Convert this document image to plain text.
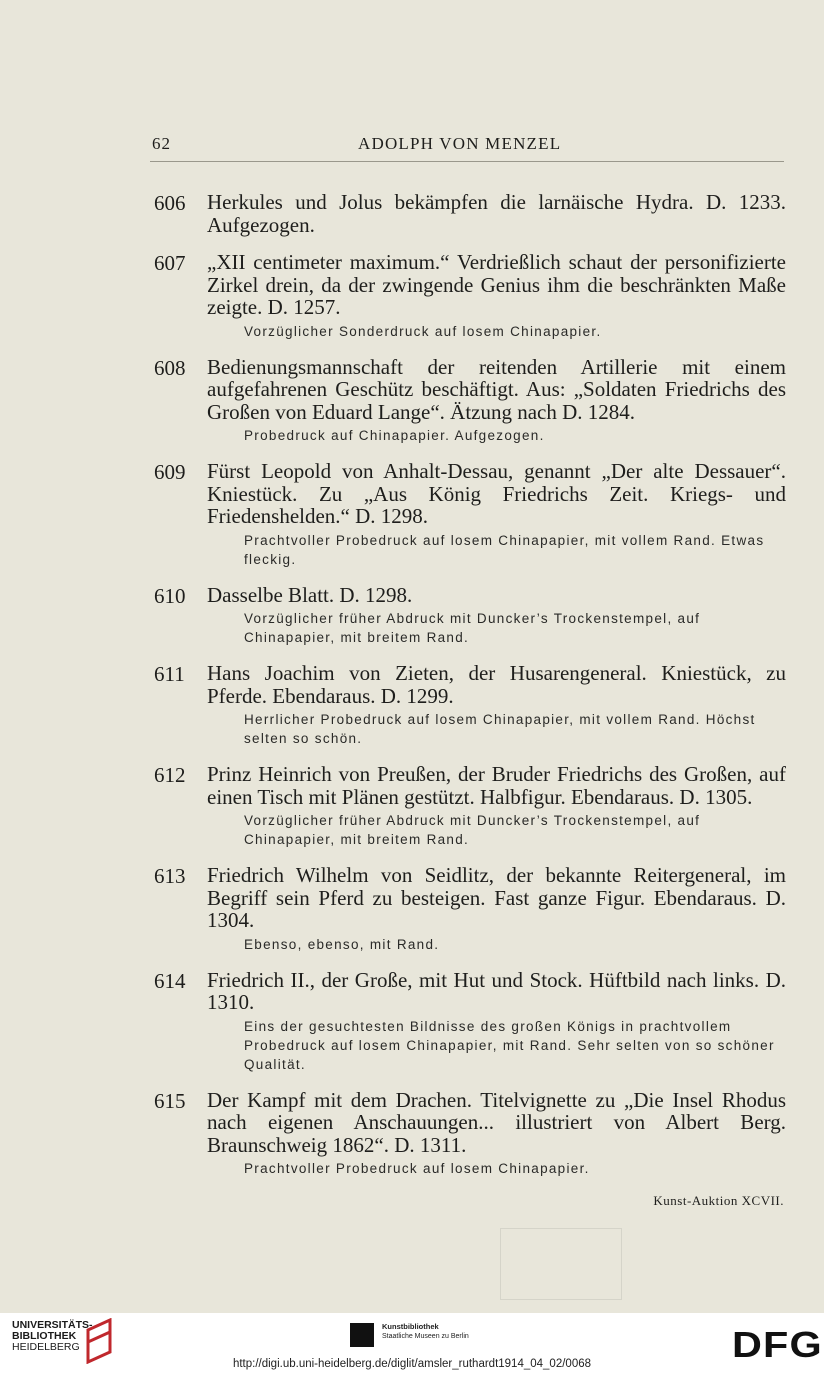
62	ADOLPH VON MENZEL
606 Herkules und Jolus bekämpfen die larnäische Hydra. D. 1233. Aufgezogen.
607 „XII centimeter maximum.“ Verdrießlich schaut der personifizierte Zirkel drein, da der zwingende Genius ihm die beschränkten Maße zeigte. D. 1257.
Vorzüglicher Sonderdruck auf losem Chinapapier.
608 Bedienungsmannschaft der reitenden Artillerie mit einem aufgefahrenen Geschütz beschäftigt. Aus: „Soldaten Friedrichs des Großen von Eduard Lange“. Ätzung nach D. 1284.
Probedruck auf Chinapapier. Aufgezogen.
609 Fürst Leopold von Anhalt-Dessau, genannt „Der alte Dessauer“. Kniestück. Zu „Aus König Friedrichs Zeit. Kriegs- und Friedenshelden.“ D. 1298.
Prachtvoller Probedruck auf losem Chinapapier, mit vollem Rand. Etwas fleckig.
610 Dasselbe Blatt. D. 1298.
Vorzüglicher früher Abdruck mit Duncker’s Trockenstempel, auf Chinapapier, mit breitem Rand.
611 Hans Joachim von Zieten, der Husarengeneral. Kniestück, zu Pferde. Ebendaraus. D. 1299.
Herrlicher Probedruck auf losem Chinapapier, mit vollem Rand. Höchst selten so schön.
612 Prinz Heinrich von Preußen, der Bruder Friedrichs des Großen, auf einen Tisch mit Plänen gestützt. Halbfigur. Ebendaraus. D. 1305.
Vorzüglicher früher Abdruck mit Duncker’s Trockenstempel, auf Chinapapier, mit breitem Rand.
613 Friedrich Wilhelm von Seidlitz, der bekannte Reitergeneral, im Begriff sein Pferd zu besteigen. Fast ganze Figur. Ebendaraus. D. 1304.
Ebenso, ebenso, mit Rand.
614 Friedrich II., der Große, mit Hut und Stock. Hüftbild nach links. D. 1310.
Eins der gesuchtesten Bildnisse des großen Königs in prachtvollem Probedruck auf losem Chinapapier, mit Rand. Sehr selten von so schöner Qualität.
615 Der Kampf mit dem Drachen. Titelvignette zu „Die Insel Rhodus nach eigenen Anschauungen... illustriert von Albert Berg. Braunschweig 1862“. D. 1311.
Prachtvoller Probedruck auf losem Chinapapier.
Kunst-Auktion XCVII.
UNIVERSITÄTS-
BIBLIOTHEK
HEIDELBERG
Kunstbibliothek
Staatliche Museen zu Berlin	DFG
http://digi.ub.uni-heidelberg.de/diglit/amsler_ruthardt1914_04_02/0068
